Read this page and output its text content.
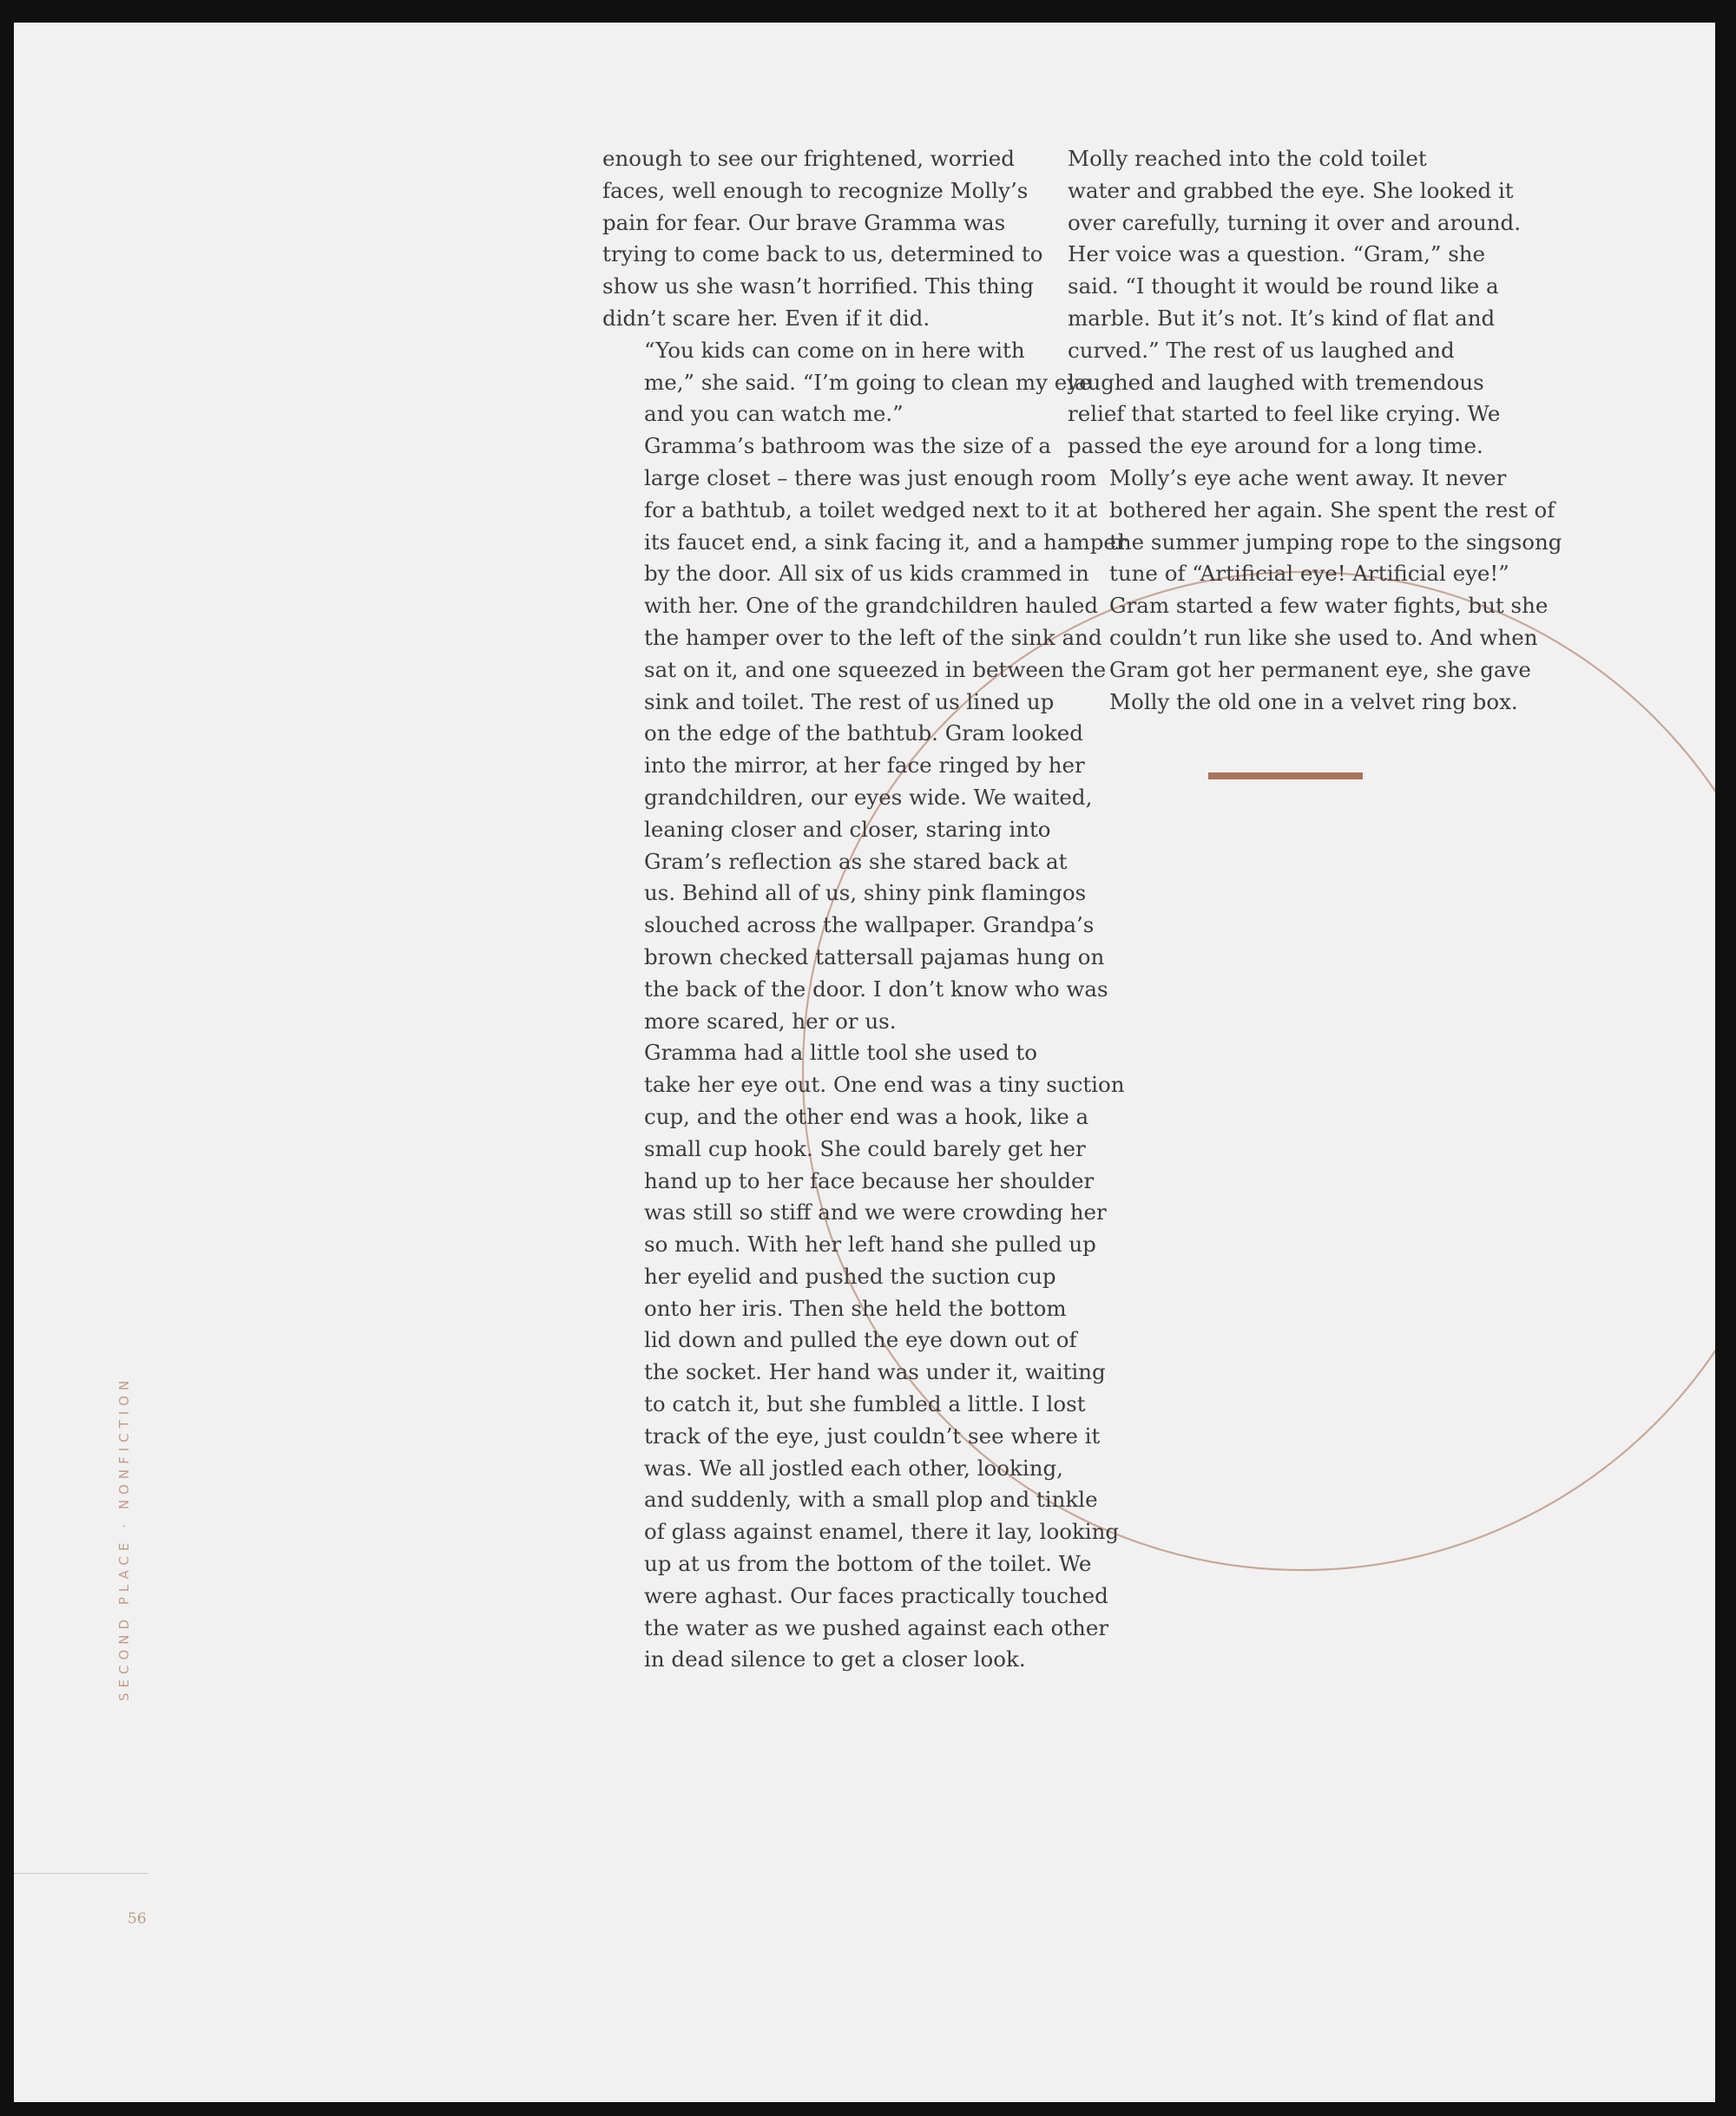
enough to see our frightened, worried
faces, well enough to recognize Molly’s
pain for fear. Our brave Gramma was
trying to come back to us, determined to
show us she wasn’t horrified. This thing
didn’t scare her. Even if it did.

“You kids can come on in here with
me,” she said. “I’m going to clean my eye
and you can watch me.”

Gramma’s bathroom was the size of a
large closet – there was just enough room
for a bathtub, a toilet wedged next to it at
its faucet end, a sink facing it, and a hamper
by the door. All six of us kids crammed in
with her. One of the grandchildren hauled
the hamper over to the left of the sink and
sat on it, and one squeezed in between the
sink and toilet. The rest of us lined up
on the edge of the bathtub. Gram looked
into the mirror, at her face ringed by her
grandchildren, our eyes wide. We waited,
leaning closer and closer, staring into
Gram’s reflection as she stared back at
us. Behind all of us, shiny pink flamingos
slouched across the wallpaper. Grandpa’s
brown checked tattersall pajamas hung on
the back of the door. I don’t know who was
more scared, her or us.

Gramma had a little tool she used to
take her eye out. One end was a tiny suction
cup, and the other end was a hook, like a
small cup hook. She could barely get her
hand up to her face because her shoulder
was still so stiff and we were crowding her
so much. With her left hand she pulled up
her eyelid and pushed the suction cup
onto her iris. Then she held the bottom
lid down and pulled the eye down out of
the socket. Her hand was under it, waiting
to catch it, but she fumbled a little. I lost
track of the eye, just couldn’t see where it
was. We all jostled each other, looking,
and suddenly, with a small plop and tinkle
of glass against enamel, there it lay, looking
up at us from the bottom of the toilet. We
were aghast. Our faces practically touched
the water as we pushed against each other
in dead silence to get a closer look.

Molly reached into the cold toilet
water and grabbed the eye. She looked it
over carefully, turning it over and around.
Her voice was a question. “Gram,” she
said. “I thought it would be round like a
marble. But it’s not. It’s kind of flat and
curved.” The rest of us laughed and
laughed and laughed with tremendous
relief that started to feel like crying. We
passed the eye around for a long time.

Molly’s eye ache went away. It never
bothered her again. She spent the rest of
the summer jumping rope to the singsong
tune of “Artificial eye! Artificial eye!”
Gram started a few water fights, but she
couldn’t run like she used to. And when
Gram got her permanent eye, she gave
Molly the old one in a velvet ring box.

SECOND PLACE · NONFICTION
56
